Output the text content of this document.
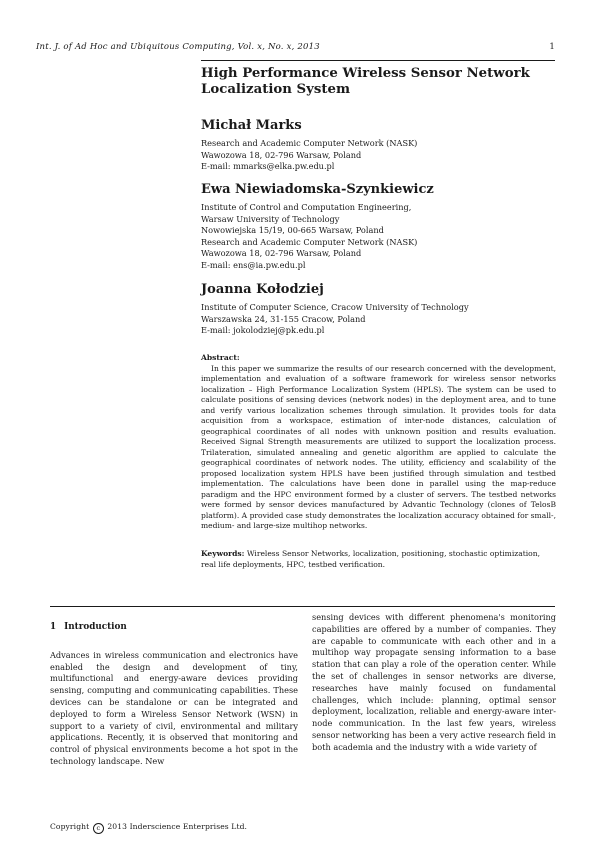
Int. J. of Ad Hoc and Ubiquitous Computing, Vol. x, No. x, 2013	1
High Performance Wireless Sensor Network
Localization System

Michał Marks

Research and Academic Computer Network (NASK)

Wawozowa 18, 02-796 Warsaw, Poland

E-mail: mmarks@elka.pw.edu.pl

Ewa Niewiadomska-Szynkiewicz

Institute of Control and Computation Engineering,

Warsaw University of Technology

Nowowiejska 15/19, 00-665 Warsaw, Poland

Research and Academic Computer Network (NASK)

Wawozowa 18, 02-796 Warsaw, Poland

E-mail: ens@ia.pw.edu.pl

Joanna Kołodziej

Institute of Computer Science, Cracow University of Technology

Warszawska 24, 31-155 Cracow, Poland

E-mail: jokolodziej@pk.edu.pl

Abstract:

In this paper we summarize the results of our research concerned with the development, implementation and evaluation of a software framework for wireless sensor networks localization – High Performance Localization System (HPLS). The system can be used to calculate positions of sensing devices (network nodes) in the deployment area, and to tune and verify various localization schemes through simulation. It provides tools for data acquisition from a workspace, estimation of inter-node distances, calculation of geographical coordinates of all nodes with unknown position and results evaluation. Received Signal Strength measurements are utilized to support the localization process. Trilateration, simulated annealing and genetic algorithm are applied to calculate the geographical coordinates of network nodes. The utility, efficiency and scalability of the proposed localization system HPLS have been justified through simulation and testbed implementation. The calculations have been done in parallel using the map-reduce paradigm and the HPC environment formed by a cluster of servers. The testbed networks were formed by sensor devices manufactured by Advantic Technology (clones of TelosB platform). A provided case study demonstrates the localization accuracy obtained for small-, medium- and large-size multihop networks.

Keywords: Wireless Sensor Networks, localization, positioning, stochastic optimization, real life deployments, HPC, testbed verification.

1 Introduction

Advances in wireless communication and electronics have enabled the design and development of tiny, multifunctional and energy-aware devices providing sensing, computing and communicating capabilities. These devices can be standalone or can be integrated and deployed to form a Wireless Sensor Network (WSN) in support to a variety of civil, environmental and military applications. Recently, it is observed that monitoring and control of physical environments become a hot spot in the technology landscape. New

sensing devices with different phenomena's monitoring capabilities are offered by a number of companies. They are capable to communicate with each other and in a multihop way propagate sensing information to a base station that can play a role of the operation center. While the set of challenges in sensor networks are diverse, researches have mainly focused on fundamental challenges, which include: planning, optimal sensor deployment, localization, reliable and energy-aware inter-node communication. In the last few years, wireless sensor networking has been a very active research field in both academia and the industry with a wide variety of

Copyright c 2013 Inderscience Enterprises Ltd.
